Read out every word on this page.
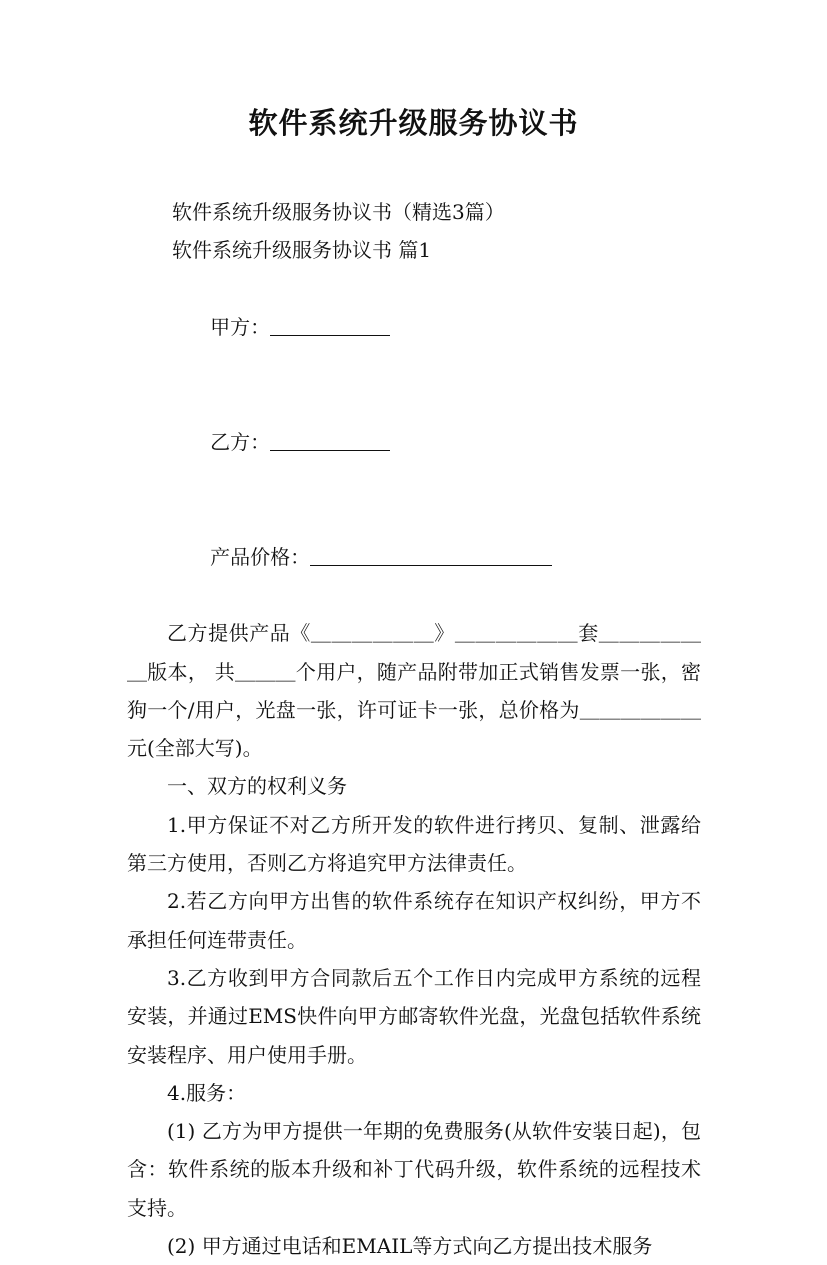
软件系统升级服务协议书

软件系统升级服务协议书（精选3篇）

软件系统升级服务协议书 篇1

甲方：

乙方：

产品价格：

乙方提供产品《＿＿＿＿＿＿》＿＿＿＿＿＿套＿＿＿＿＿＿版本， 共＿＿＿个用户，随产品附带加正式销售发票一张，密狗一个/用户，光盘一张，许可证卡一张，总价格为＿＿＿＿＿＿元(全部大写)。

一、双方的权利义务

1.甲方保证不对乙方所开发的软件进行拷贝、复制、泄露给第三方使用，否则乙方将追究甲方法律责任。

2.若乙方向甲方出售的软件系统存在知识产权纠纷，甲方不承担任何连带责任。

3.乙方收到甲方合同款后五个工作日内完成甲方系统的远程安装，并通过EMS快件向甲方邮寄软件光盘，光盘包括软件系统安装程序、用户使用手册。

4.服务：

(1) 乙方为甲方提供一年期的免费服务(从软件安装日起)，包含：软件系统的版本升级和补丁代码升级，软件系统的远程技术支持。

(2) 甲方通过电话和EMAIL等方式向乙方提出技术服务
